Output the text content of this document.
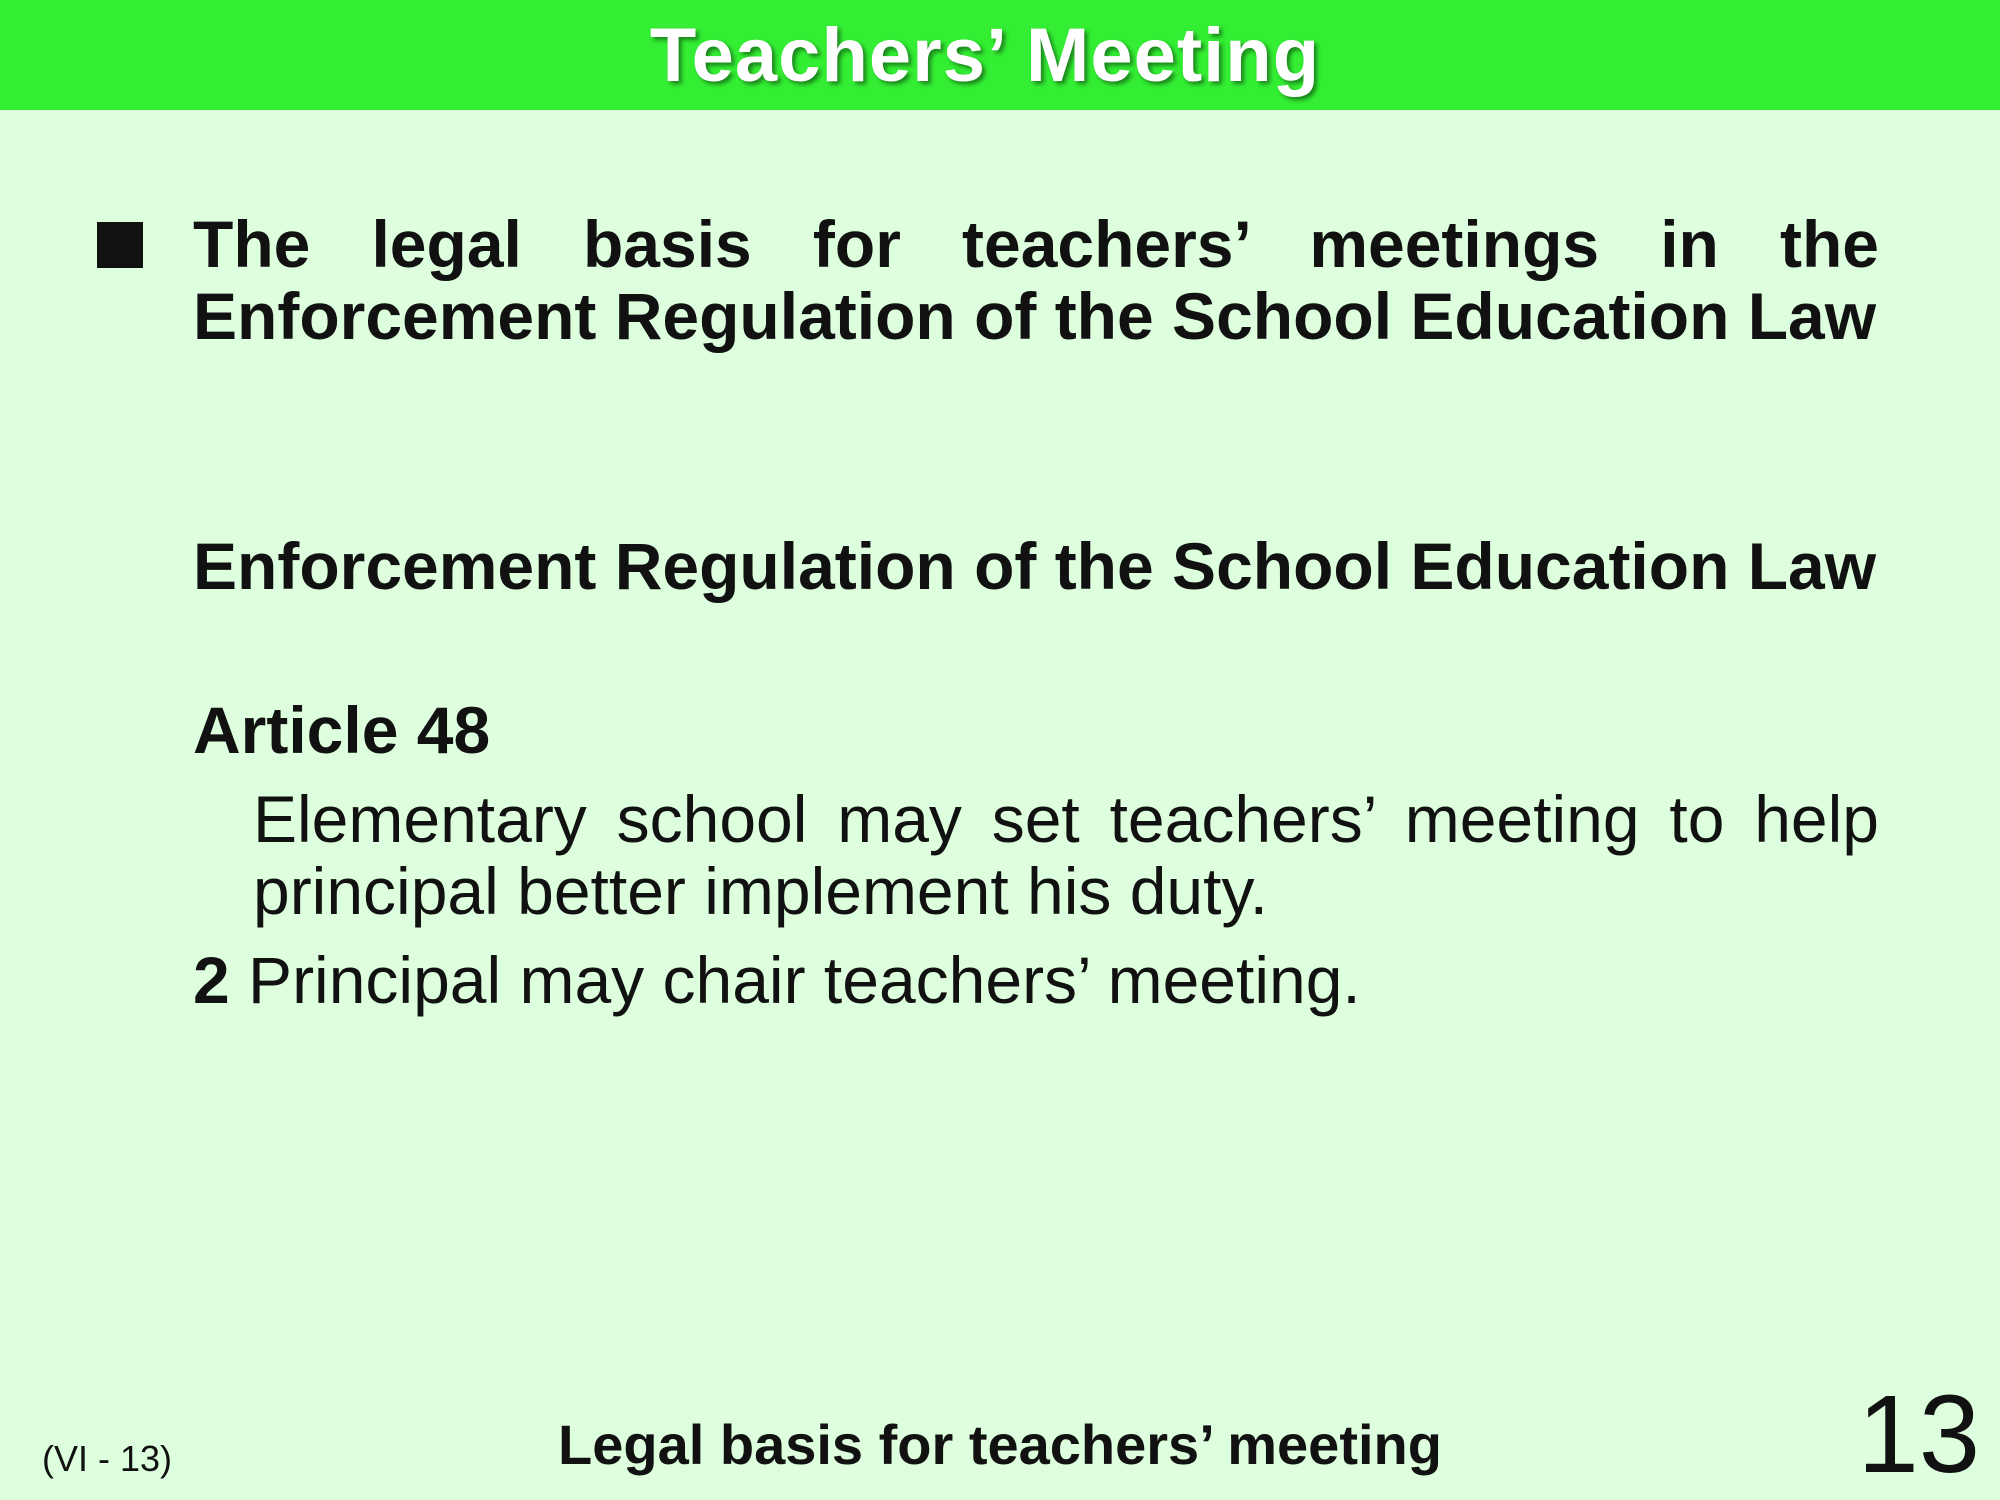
Teachers’ Meeting
The legal basis for teachers’ meetings in the Enforcement Regulation of the School Education Law
Enforcement Regulation of the School Education Law
Article 48
Elementary school may set teachers’ meeting to help principal better implement his duty.
2 Principal may chair teachers’ meeting.
(VI - 13)	Legal basis for teachers’ meeting	13
